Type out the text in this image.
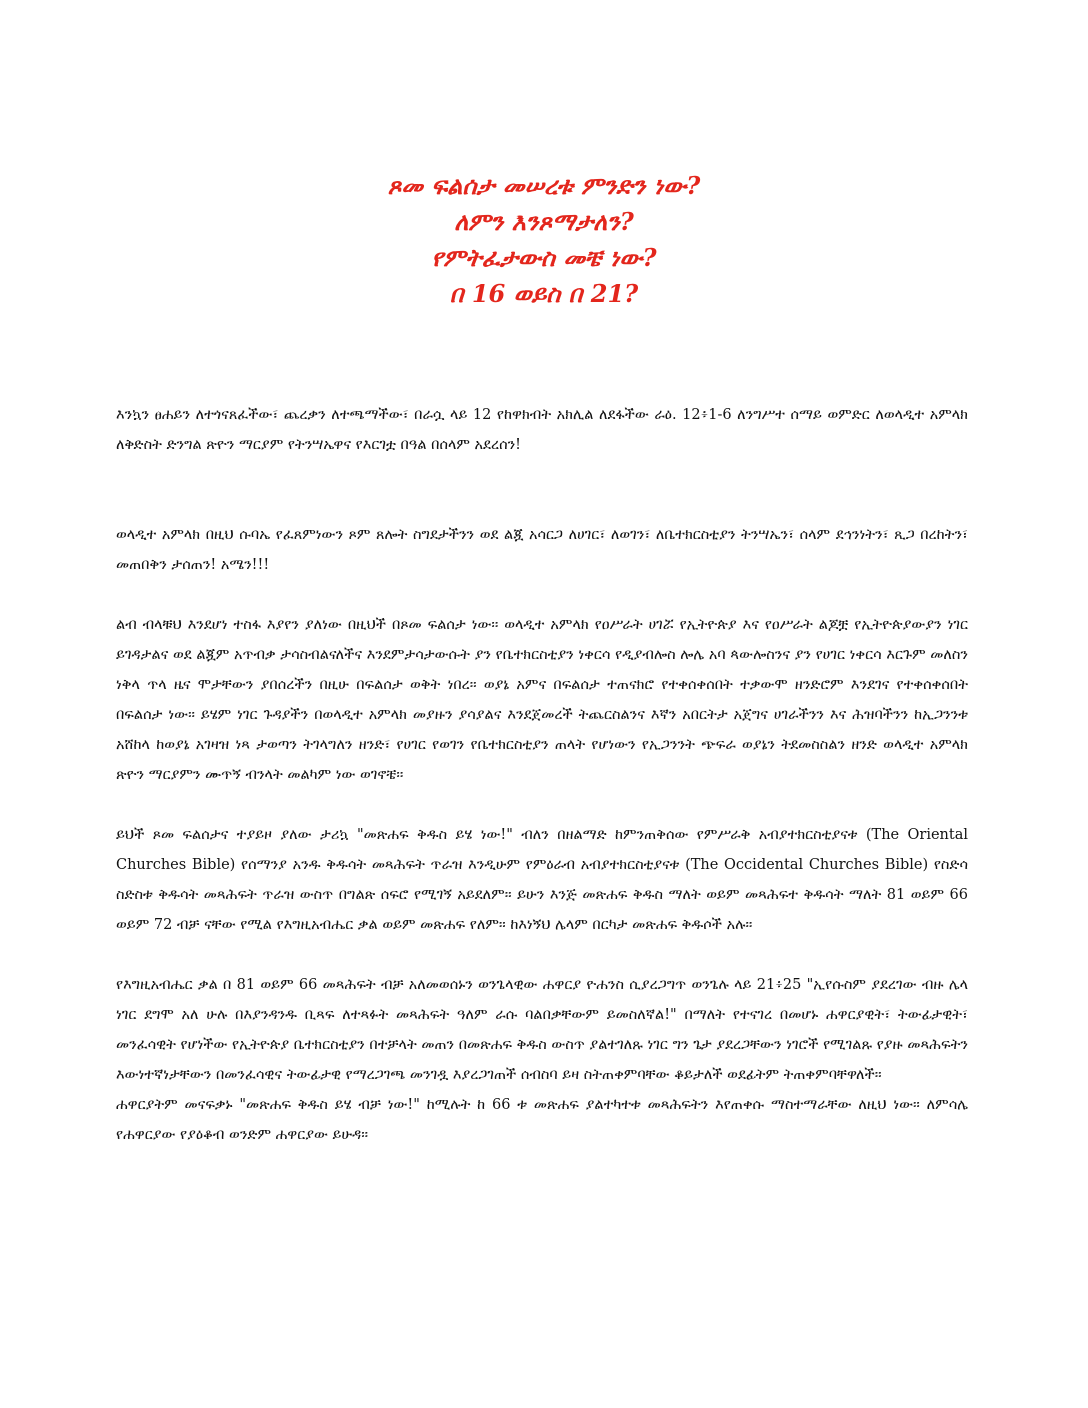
ጾመ ፍልሰታ መሠረቱ ምንድን ነው?
ለምን እንጾማታለን?
የምትፈታውስ መቼ ነው?
በ 16 ወይስ በ 21?

እንኳን ፀሐይን ለተጎናጸፈችው፣ ጨረቃን ለተጫማችው፣ በራሷ ላይ 12 የከዋክብት አክሊል ለደፋችው ራዕ. 12፥1-6 ለንግሥተ ሰማይ ወምድር ለወላዲተ አምላክ ለቅድስት ድንግል ጽዮን ማርያም የትንሣኤዋና የእርገቷ በዓል በሰላም አደረሰን!

ወላዲተ አምላክ በዚህ ሱባኤ የፈጸምነውን ጾም ጸሎት ስግደታችንን ወደ ልጇ አሳርጋ ለሀገር፣ ለወገን፣ ለቤተክርስቲያን ትንሣኤን፣ ሰላም ደኅንነትን፣ ጺጋ በረከትን፣ መጠበቅን ታሰጠን! አሜን!!!

ልብ ብላቹህ እንደሆነ ተስፋ እያየን ያለነው በዚህች በጾመ ፍልሰታ ነው፡፡ ወላዲተ አምላክ የዐሥራት ሀገሯ የኢትዮጵያ እና የዐሥራት ልጆቿ የኢትዮጵያውያን ነገር ይገዳታልና ወደ ልጇም አጥብቃ ታሳስብልናለችና እንደምታሳታውሱት ያን የቤተክርስቲያን ነቀርሳ የዲያብሎስ ሎሌ አባ ጳውሎስንና ያን የሀገር ነቀርሳ እርጉም መለስን ነቅላ ጥላ ዜና ሞታቸውን ያበሰረችን በዚሁ በፍልሰታ ወቅት ነበረ፡፡ ወያኔ አምና በፍልሰታ ተጠናክሮ የተቀሰቀሰበት ተቃውሞ ዘንድሮም እንደገና የተቀሰቀሰበት በፍልሰታ ነው፡፡ ይሄም ነገር ጉዳያችን በወላዲተ አምላክ መያዙን ያሳያልና እንደጀመረች ትጨርስልንና እኛን አበርትታ አጀግና ሀገራችንን እና ሕዝባችንን ከኢጋንንቱ አሸከላ ከወያኔ አገዛዝ ነጻ ታወጣን ትገላግለን ዘንድ፣ የሀገር የወገን የቤተክርስቲያን ጠላት የሆነውን የኢጋንንት ጭፍራ ወያኔን ትደመስስልን ዘንድ ወላዲተ አምላክ ጽዮን ማርያምን ሙጥኝ ብንላት መልካም ነው ወገኖቼ፡፡

ይህች ጾመ ፍልሰታና ተያይዞ ያለው ታሪኳ "መጽሐፍ ቅዱስ ይሄ ነው!" ብለን በዘልማድ ከምንጠቅሰው የምሥራቅ አብያተክርስቲያናቱ (The Oriental Churches Bible) የሰማንያ አንዱ ቅዱሳት መጻሕፍት ጥራዝ እንዲሁም የምዕራብ አብያተክርስቲያናቱ (The Occidental Churches Bible) የስድሳ ስድስቱ ቅዱሳት መጻሕፍት ጥራዝ ውስጥ በግልጽ ሰፍሮ የሚገኝ አይደለም፡፡ ይሁን እንጅ መጽሐፍ ቅዱስ ማለት ወይም መጻሕፍተ ቅዱሳት ማለት 81 ወይም 66 ወይም 72 ብቻ ናቸው የሚል የእግዚአብሔር ቃል ወይም መጽሐፍ የለም፡፡ ከእነኝህ ሌላም በርካታ መጽሐፍ ቅዱሶች አሉ፡፡

የእግዚአብሔር ቃል በ 81 ወይም 66 መጻሕፍት ብቻ አለመወሰኑን ወንጌላዊው ሐዋርያ ዮሐንስ ሲያረጋግጥ ወንጌሉ ላይ 21፥25 "ኢየሱስም ያደረገው ብዙ ሌላ ነገር ደግሞ አለ ሁሉ በእያንዳንዱ ቢጻፍ ለተጻፉት መጻሕፍት ዓለም ራሱ ባልበቃቸውም ይመስለኛል!" በማለት የተናገረ በመሆኑ ሐዋርያዊት፣ ትውፊታዊት፣ መንፈሳዊት የሆነችው የኢትዮጵያ ቤተክርስቲያን በተቻላት መጠን በመጽሐፍ ቅዱስ ውስጥ ያልተገለጹ ነገር ግን ጌታ ያደረጋቸውን ነገሮች የሚገልጹ የያዙ መጻሕፍትን እውነተኛነታቸውን በመንፈሳዊና ትውፊታዊ የማረጋገጫ መንገዷ እያረጋገጠች ሰብስባ ይዛ ስትጠቀምባቸው ቆይታለች ወደፊትም ትጠቀምባቸዋለች፡፡

ሐዋርያትም መናፍቃኑ "መጽሐፍ ቅዱስ ይሄ ብቻ ነው!" ከሚሉት ከ 66 ቱ መጽሐፍ ያልተካተቱ መጻሕፍትን እየጠቀሱ ማስተማራቸው ለዚህ ነው፡፡ ለምሳሌ የሐዋርያው የያዕቆብ ወንድም ሐዋርያው ይሁዳ፡፡
